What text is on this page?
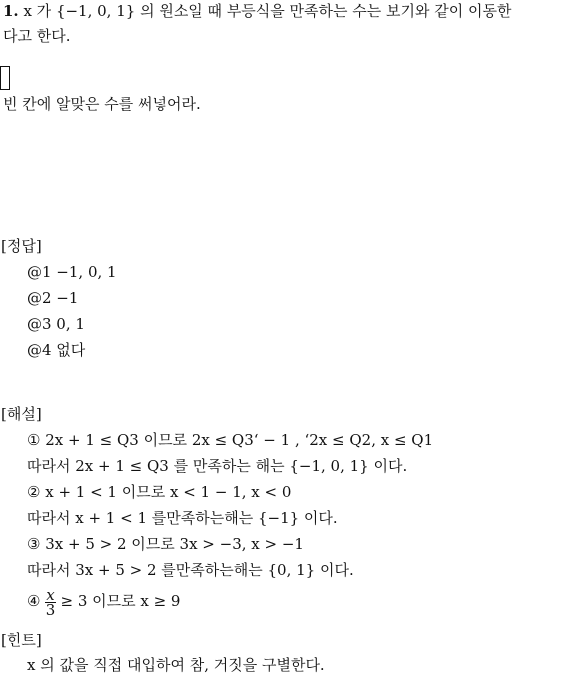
1. x 가 {−1, 0, 1} 의 원소일 때 부등식을 만족하는 수는 보기와 같이 이동한
다고 한다.
빈 칸에 알맞은 수를 써넣어라.
[정답]
@1 −1, 0, 1
@2 −1
@3 0, 1
@4 없다
[해설]
① 2x + 1 ≤ Q3 이므로 2x ≤ Q3‘ − 1 , ‘2x ≤ Q2, x ≤ Q1
따라서 2x + 1 ≤ Q3 를 만족하는 해는 {−1, 0, 1} 이다.
② x + 1 < 1 이므로 x < 1 − 1, x < 0
따라서 x + 1 < 1 를만족하는해는 {−1} 이다.
③ 3x + 5 > 2 이므로 3x > −3, x > −1
따라서 3x + 5 > 2 를만족하는해는 {0, 1} 이다.
④ $\frac{x}{3} \ge 3$ 이므로 x ≥ 9
[힌트]
x 의 값을 직접 대입하여 참, 거짓을 구별한다.
